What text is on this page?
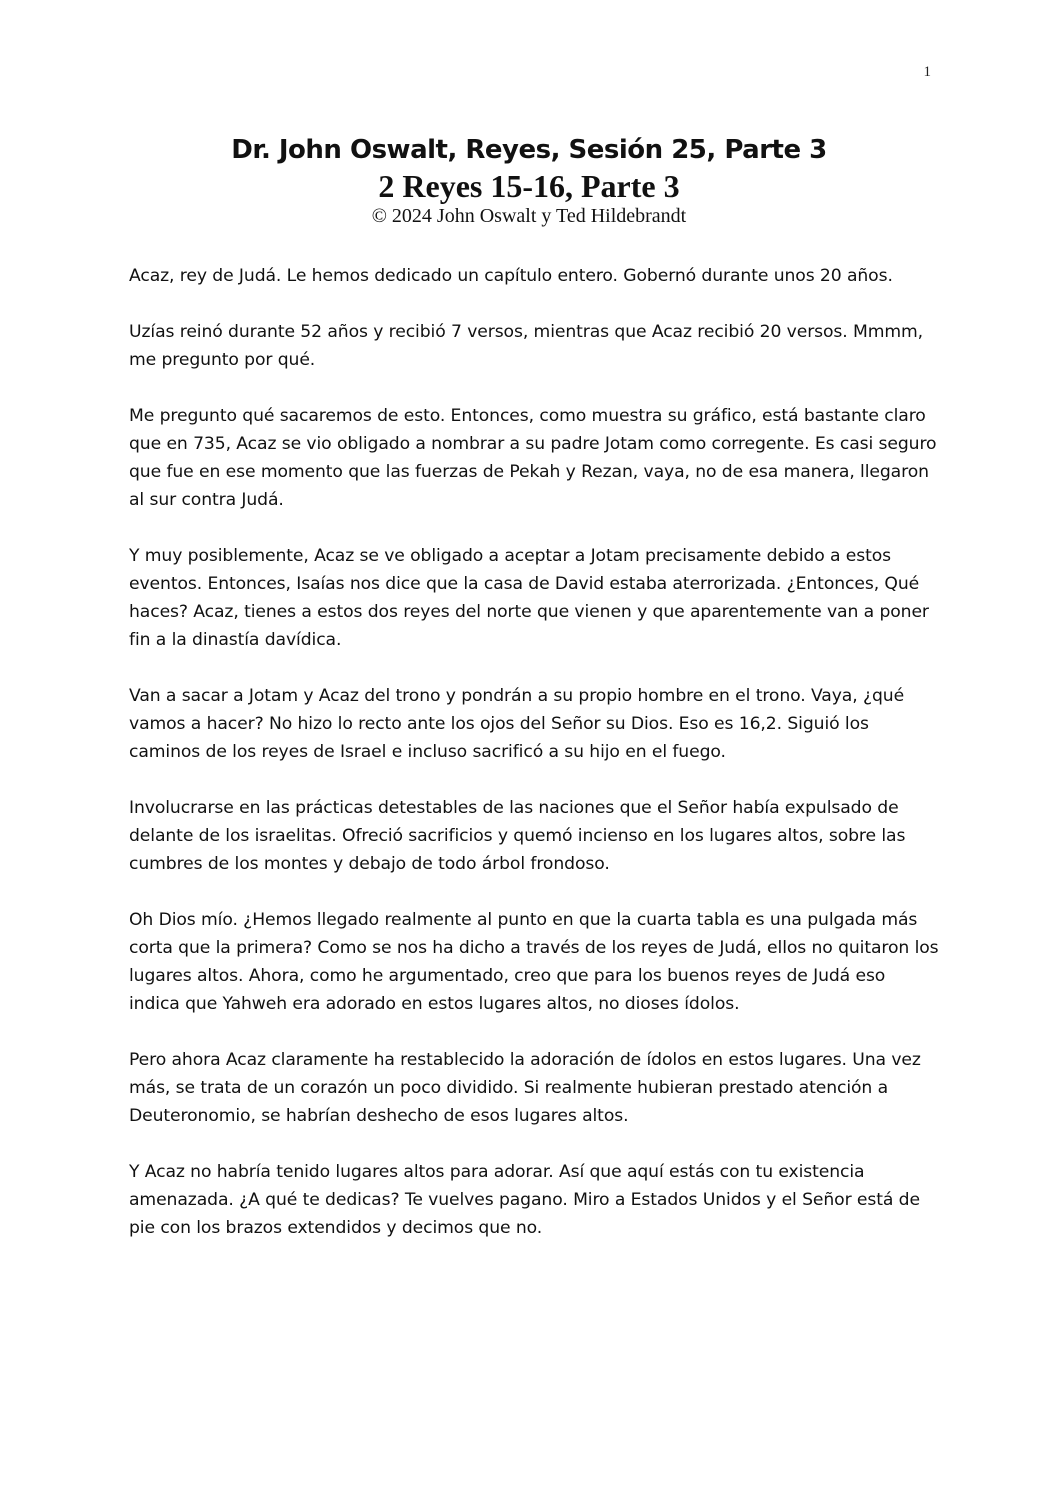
1
Dr. John Oswalt, Reyes, Sesión 25, Parte 3
2 Reyes 15-16, Parte 3
© 2024 John Oswalt y Ted Hildebrandt

Acaz, rey de Judá. Le hemos dedicado un capítulo entero. Gobernó durante unos 20 años.

Uzías reinó durante 52 años y recibió 7 versos, mientras que Acaz recibió 20 versos. Mmmm, me pregunto por qué.

Me pregunto qué sacaremos de esto. Entonces, como muestra su gráfico, está bastante claro que en 735, Acaz se vio obligado a nombrar a su padre Jotam como corregente. Es casi seguro que fue en ese momento que las fuerzas de Pekah y Rezan, vaya, no de esa manera, llegaron al sur contra Judá.

Y muy posiblemente, Acaz se ve obligado a aceptar a Jotam precisamente debido a estos eventos. Entonces, Isaías nos dice que la casa de David estaba aterrorizada. ¿Entonces, Qué haces? Acaz, tienes a estos dos reyes del norte que vienen y que aparentemente van a poner fin a la dinastía davídica.

Van a sacar a Jotam y Acaz del trono y pondrán a su propio hombre en el trono. Vaya, ¿qué vamos a hacer? No hizo lo recto ante los ojos del Señor su Dios. Eso es 16,2. Siguió los caminos de los reyes de Israel e incluso sacrificó a su hijo en el fuego.

Involucrarse en las prácticas detestables de las naciones que el Señor había expulsado de delante de los israelitas. Ofreció sacrificios y quemó incienso en los lugares altos, sobre las cumbres de los montes y debajo de todo árbol frondoso.

Oh Dios mío. ¿Hemos llegado realmente al punto en que la cuarta tabla es una pulgada más corta que la primera? Como se nos ha dicho a través de los reyes de Judá, ellos no quitaron los lugares altos. Ahora, como he argumentado, creo que para los buenos reyes de Judá eso indica que Yahweh era adorado en estos lugares altos, no dioses ídolos.

Pero ahora Acaz claramente ha restablecido la adoración de ídolos en estos lugares. Una vez más, se trata de un corazón un poco dividido. Si realmente hubieran prestado atención a Deuteronomio, se habrían deshecho de esos lugares altos.

Y Acaz no habría tenido lugares altos para adorar. Así que aquí estás con tu existencia amenazada. ¿A qué te dedicas? Te vuelves pagano. Miro a Estados Unidos y el Señor está de pie con los brazos extendidos y decimos que no.
